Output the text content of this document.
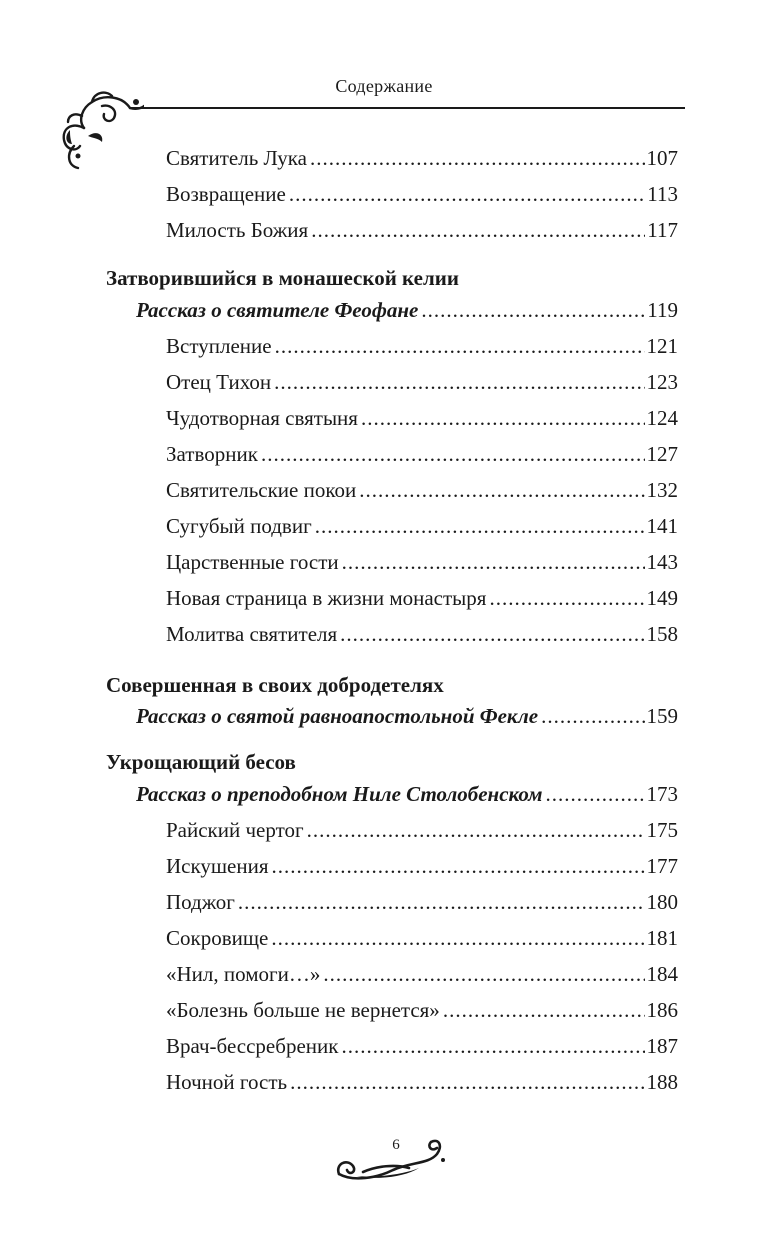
Содержание
Святитель Лука .....	107
Возвращение .....	113
Милость Божия .....	117
Затворившийся в монашеской келии
Рассказ о святителе Феофане .....	119
Вступление .....	121
Отец Тихон .....	123
Чудотворная святыня .....	124
Затворник .....	127
Святительские покои .....	132
Сугубый подвиг .....	141
Царственные гости .....	143
Новая страница в жизни монастыря .....	149
Молитва святителя .....	158
Совершенная в своих добродетелях
Рассказ о святой равноапостольной Фекле .....	159
Укрощающий бесов
Рассказ о преподобном Ниле Столобенском .....	173
Райский чертог .....	175
Искушения .....	177
Поджог .....	180
Сокровище .....	181
«Нил, помоги…» .....	184
«Болезнь больше не вернется» .....	186
Врач-бессребреник .....	187
Ночной гость .....	188
6
